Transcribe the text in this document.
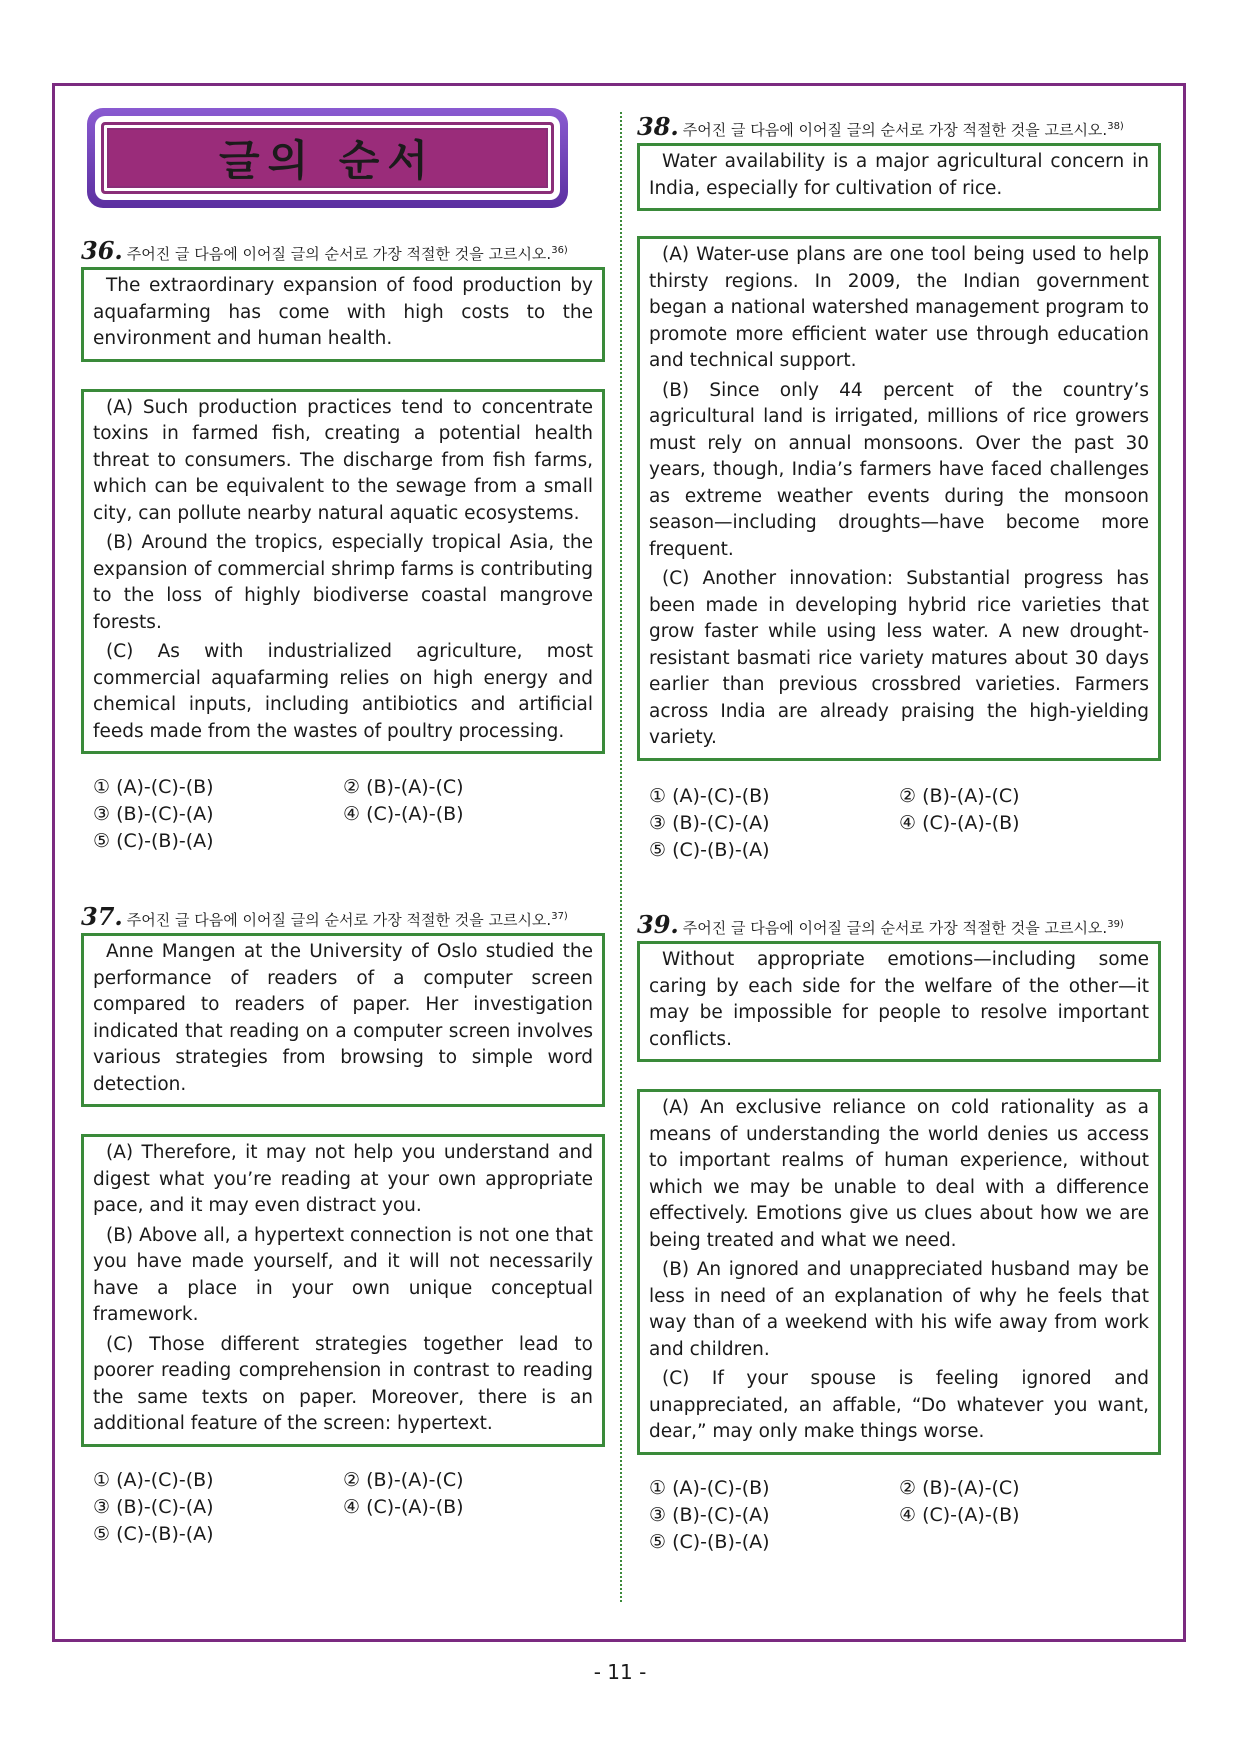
글의 순서
36. 주어진 글 다음에 이어질 글의 순서로 가장 적절한 것을 고르시오.$^{36)}$

The extraordinary expansion of food production by aquafarming has come with high costs to the environment and human health.

(A) Such production practices tend to concentrate toxins in farmed fish, creating a potential health threat to consumers. The discharge from fish farms, which can be equivalent to the sewage from a small city, can pollute nearby natural aquatic ecosystems.

(B) Around the tropics, especially tropical Asia, the expansion of commercial shrimp farms is contributing to the loss of highly biodiverse coastal mangrove forests.

(C) As with industrialized agriculture, most commercial aquafarming relies on high energy and chemical inputs, including antibiotics and artificial feeds made from the wastes of poultry processing.

① (A)-(C)-(B)	② (B)-(A)-(C)
③ (B)-(C)-(A)	④ (C)-(A)-(B)
⑤ (C)-(B)-(A)
37. 주어진 글 다음에 이어질 글의 순서로 가장 적절한 것을 고르시오.$^{37)}$

Anne Mangen at the University of Oslo studied the performance of readers of a computer screen compared to readers of paper. Her investigation indicated that reading on a computer screen involves various strategies from browsing to simple word detection.

(A) Therefore, it may not help you understand and digest what you’re reading at your own appropriate pace, and it may even distract you.

(B) Above all, a hypertext connection is not one that you have made yourself, and it will not necessarily have a place in your own unique conceptual framework.

(C) Those different strategies together lead to poorer reading comprehension in contrast to reading the same texts on paper. Moreover, there is an additional feature of the screen: hypertext.

① (A)-(C)-(B)	② (B)-(A)-(C)
③ (B)-(C)-(A)	④ (C)-(A)-(B)
⑤ (C)-(B)-(A)
38. 주어진 글 다음에 이어질 글의 순서로 가장 적절한 것을 고르시오.$^{38)}$

Water availability is a major agricultural concern in India, especially for cultivation of rice.

(A) Water-use plans are one tool being used to help thirsty regions. In 2009, the Indian government began a national watershed management program to promote more efficient water use through education and technical support.

(B) Since only 44 percent of the country’s agricultural land is irrigated, millions of rice growers must rely on annual monsoons. Over the past 30 years, though, India’s farmers have faced challenges as extreme weather events during the monsoon season—including droughts—have become more frequent.

(C) Another innovation: Substantial progress has been made in developing hybrid rice varieties that grow faster while using less water. A new drought-resistant basmati rice variety matures about 30 days earlier than previous crossbred varieties. Farmers across India are already praising the high-yielding variety.

① (A)-(C)-(B)	② (B)-(A)-(C)
③ (B)-(C)-(A)	④ (C)-(A)-(B)
⑤ (C)-(B)-(A)
39. 주어진 글 다음에 이어질 글의 순서로 가장 적절한 것을 고르시오.$^{39)}$

Without appropriate emotions—including some caring by each side for the welfare of the other—it may be impossible for people to resolve important conflicts.

(A) An exclusive reliance on cold rationality as a means of understanding the world denies us access to important realms of human experience, without which we may be unable to deal with a difference effectively. Emotions give us clues about how we are being treated and what we need.

(B) An ignored and unappreciated husband may be less in need of an explanation of why he feels that way than of a weekend with his wife away from work and children.

(C) If your spouse is feeling ignored and unappreciated, an affable, “Do whatever you want, dear,” may only make things worse.

① (A)-(C)-(B)	② (B)-(A)-(C)
③ (B)-(C)-(A)	④ (C)-(A)-(B)
⑤ (C)-(B)-(A)
- 11 -
